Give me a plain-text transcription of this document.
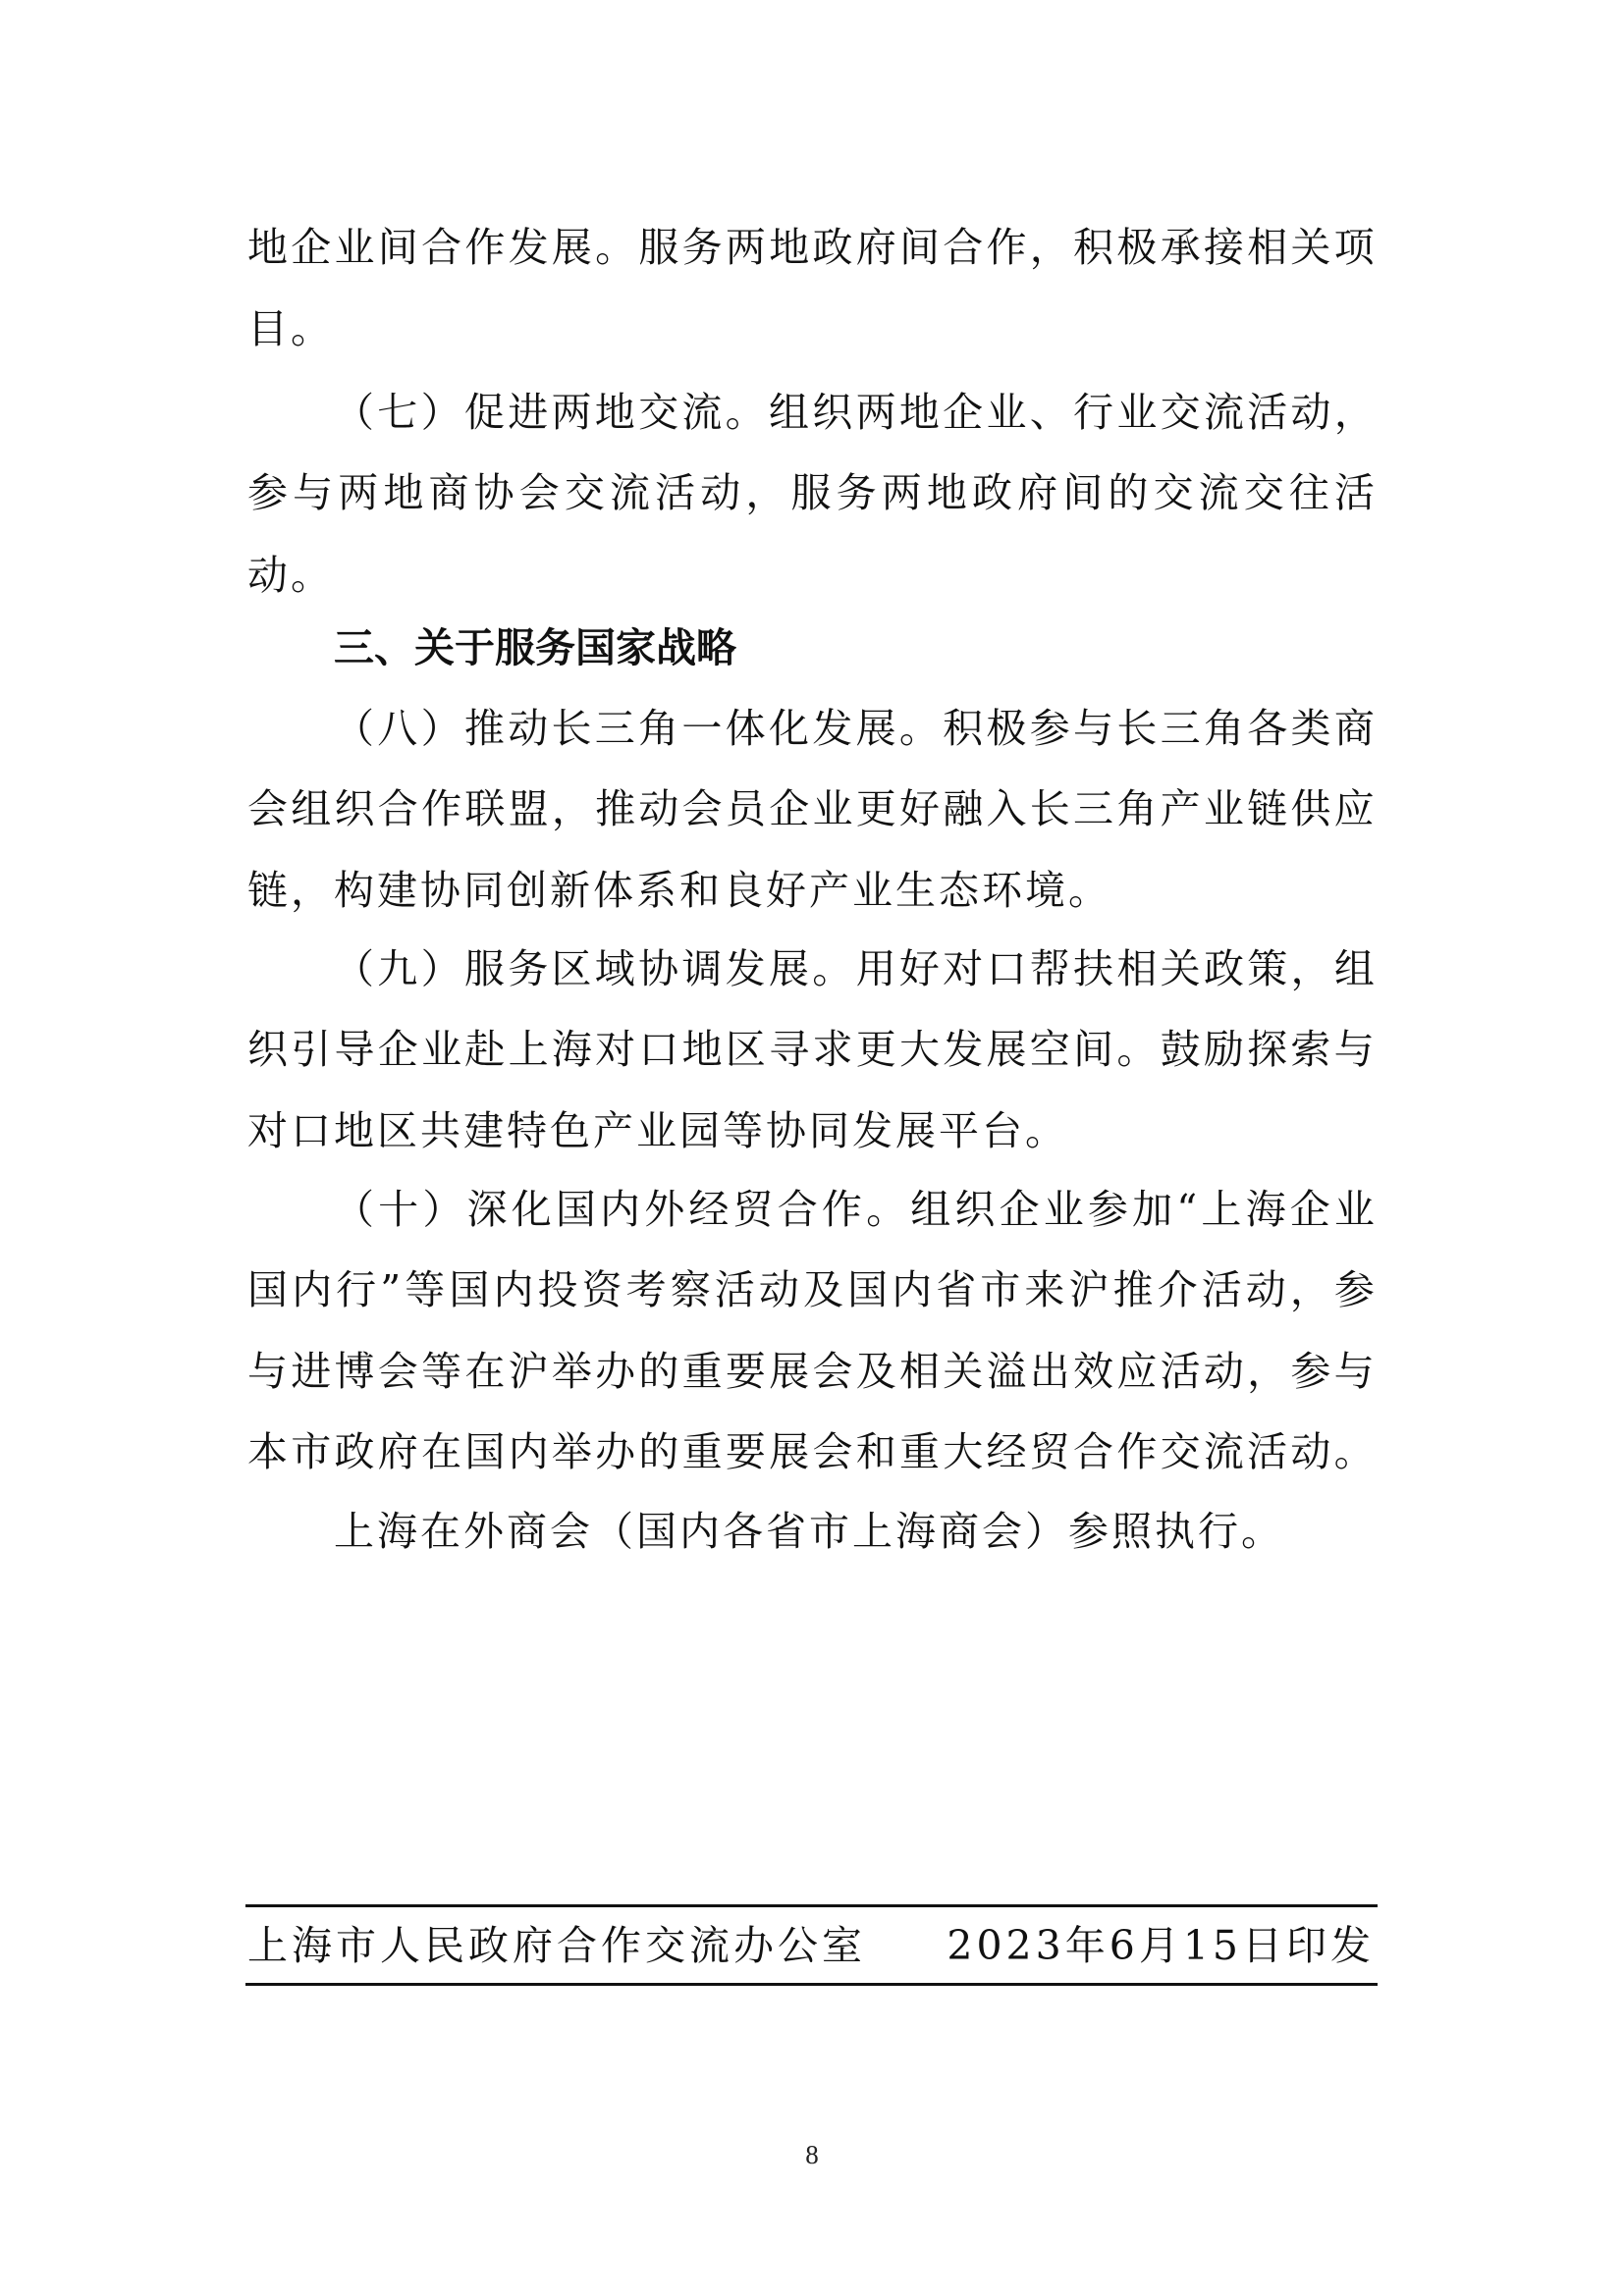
地 企 业 间 合 作 发 展 。 服 务 两 地 政 府 间 合 作 ， 积 极 承 接 相 关 项
目 。
（ 七 ） 促 进 两 地 交 流 。 组 织 两 地 企 业 、 行 业 交 流 活 动 ，
参 与 两 地 商 协 会 交 流 活 动 ， 服 务 两 地 政 府 间 的 交 流 交 往 活
动 。
（ 八 ） 推 动 长 三 角 一 体 化 发 展 。 积 极 参 与 长 三 角 各 类 商
会 组 织 合 作 联 盟 ， 推 动 会 员 企 业 更 好 融 入 长 三 角 产 业 链 供 应
链 ， 构 建 协 同 创 新 体 系 和 良 好 产 业 生 态 环 境 。
（ 九 ） 服 务 区 域 协 调 发 展 。 用 好 对 口 帮 扶 相 关 政 策 ， 组
织 引 导 企 业 赴 上 海 对 口 地 区 寻 求 更 大 发 展 空 间 。 鼓 励 探 索 与
对 口 地 区 共 建 特 色 产 业 园 等 协 同 发 展 平 台 。
（ 十 ） 深 化 国 内 外 经 贸 合 作 。 组 织 企 业 参 加 “ 上 海 企 业
国 内 行 ” 等 国 内 投 资 考 察 活 动 及 国 内 省 市 来 沪 推 介 活 动 ， 参
与 进 博 会 等 在 沪 举 办 的 重 要 展 会 及 相 关 溢 出 效 应 活 动 ， 参 与
本 市 政 府 在 国 内 举 办 的 重 要 展 会 和 重 大 经 贸 合 作 交 流 活 动 。
上 海 在 外 商 会 （ 国 内 各 省 市 上 海 商 会 ） 参 照 执 行 。
三、关于服务国家战略
上海市人民政府合作交流办公室 2023年6月15日印发
8
